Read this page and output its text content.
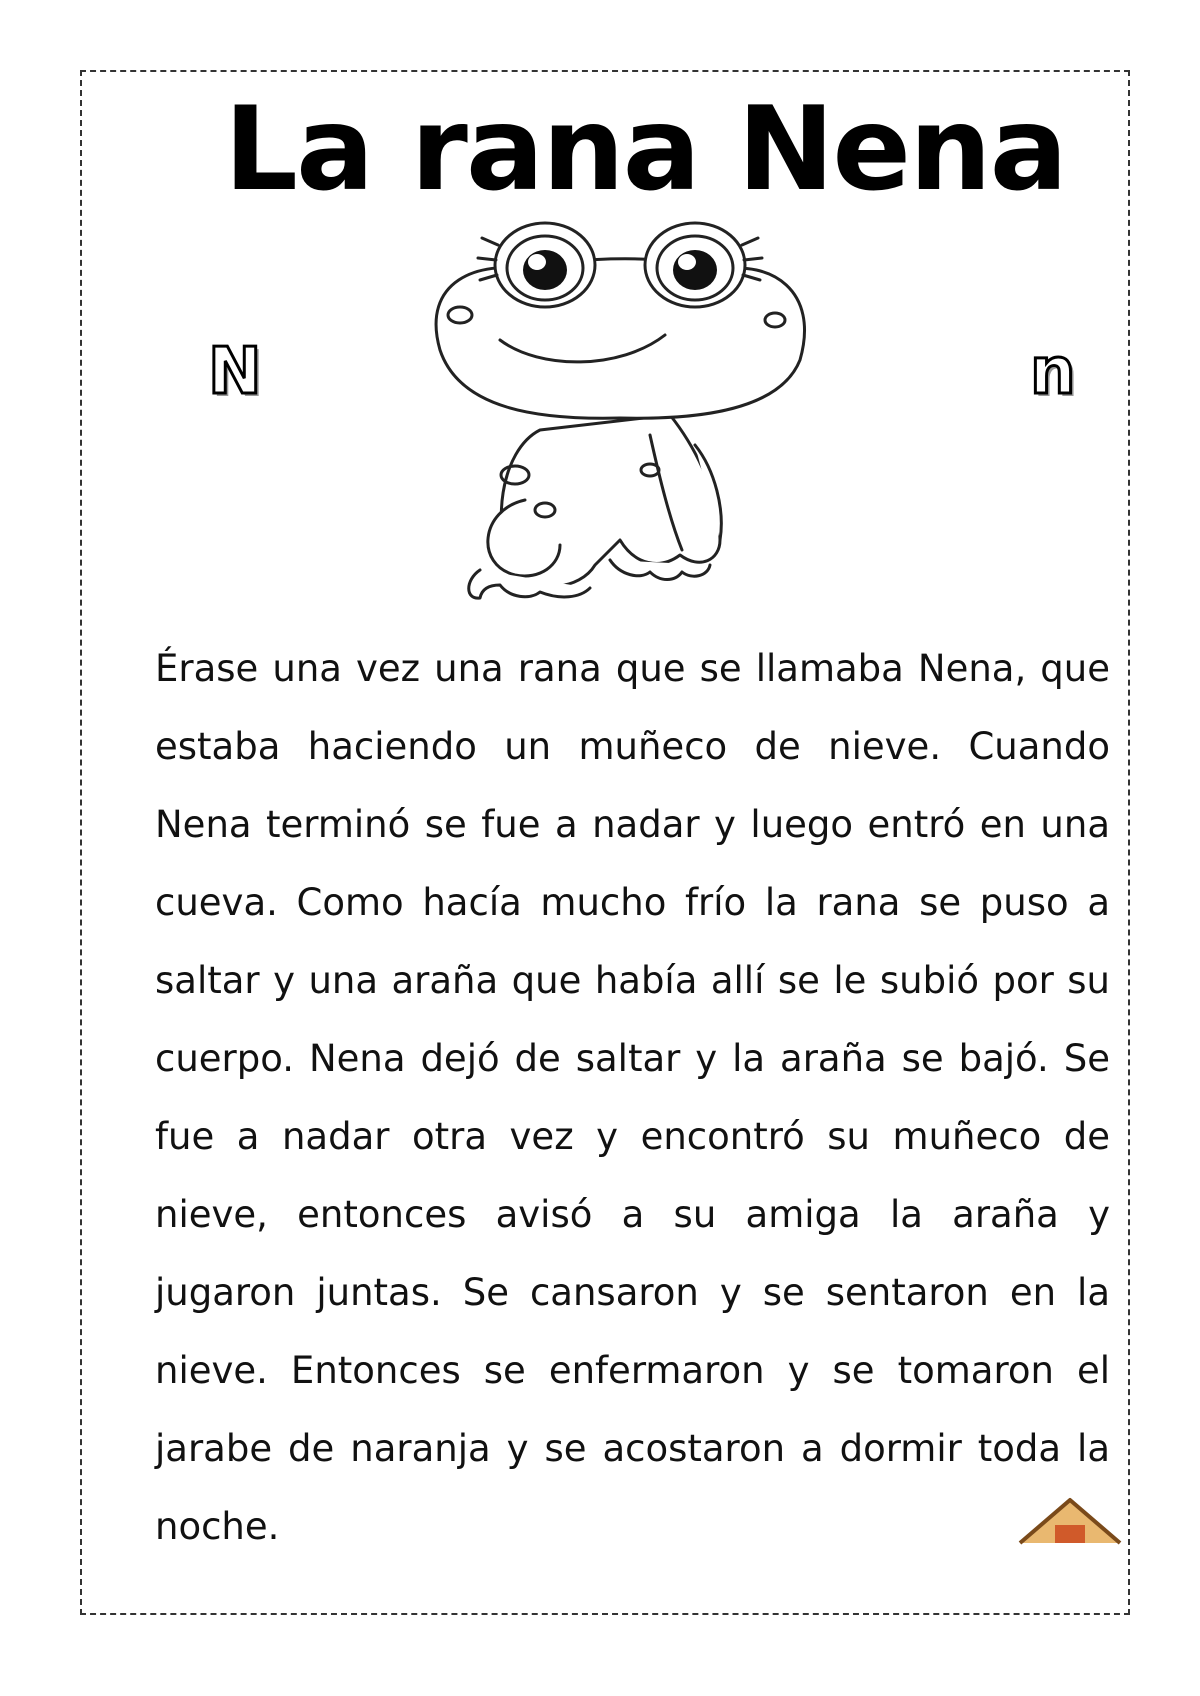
La rana Nena
N	n

Érase una vez una rana que se llamaba Nena, que estaba haciendo un muñeco de nieve. Cuando Nena terminó se fue a nadar y luego entró en una cueva. Como hacía mucho frío la rana se puso a saltar y una araña que había allí se le subió por su cuerpo. Nena dejó de saltar y la araña se bajó. Se fue a nadar otra vez y encontró su muñeco de nieve, entonces avisó a su amiga la araña y jugaron juntas. Se cansaron y se sentaron en la nieve. Entonces se enfermaron y se tomaron el jarabe de naranja y se acostaron a dormir toda la noche.
